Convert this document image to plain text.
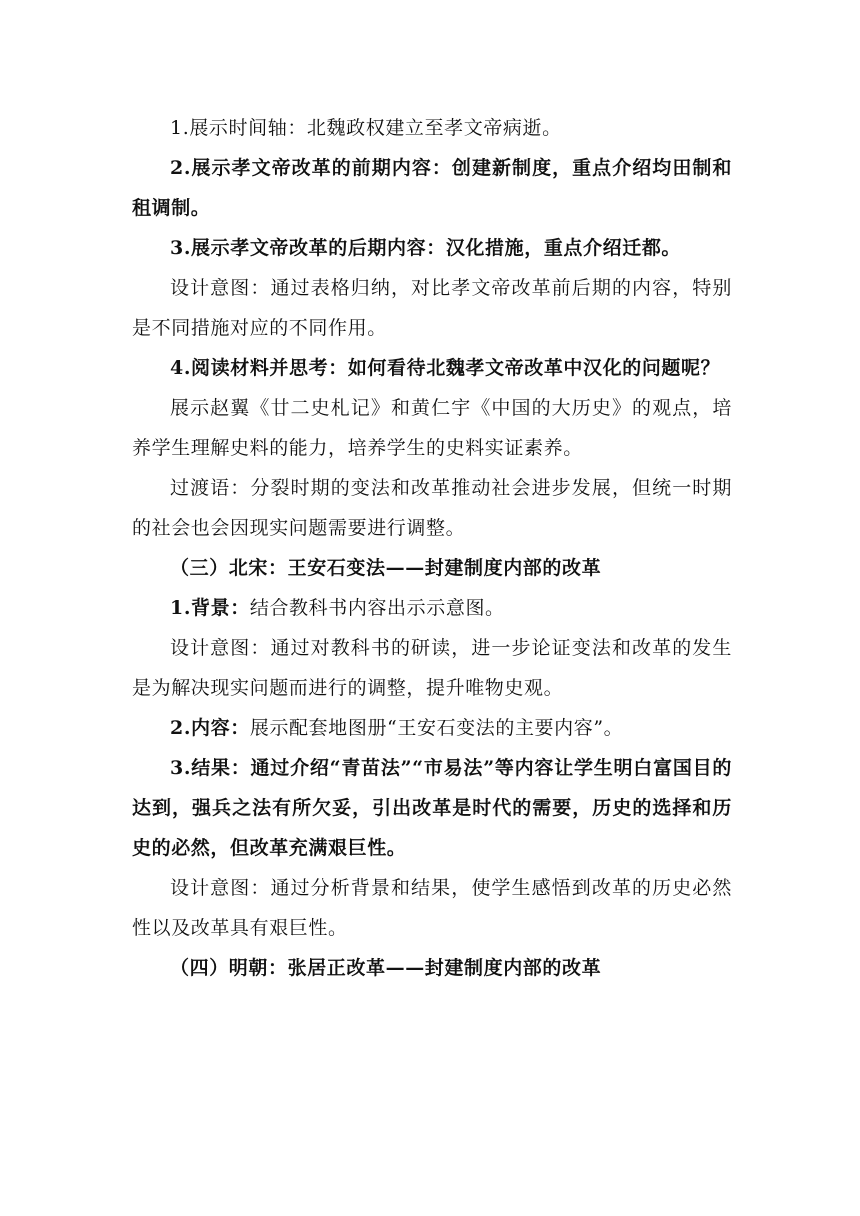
1.展示时间轴：北魏政权建立至孝文帝病逝。

2.展示孝文帝改革的前期内容：创建新制度，重点介绍均田制和租调制。

3.展示孝文帝改革的后期内容：汉化措施，重点介绍迁都。

设计意图：通过表格归纳，对比孝文帝改革前后期的内容，特别是不同措施对应的不同作用。

4.阅读材料并思考：如何看待北魏孝文帝改革中汉化的问题呢？

展示赵翼《廿二史札记》和黄仁宇《中国的大历史》的观点，培养学生理解史料的能力，培养学生的史料实证素养。

过渡语：分裂时期的变法和改革推动社会进步发展，但统一时期的社会也会因现实问题需要进行调整。

（三）北宋：王安石变法——封建制度内部的改革

1.背景：结合教科书内容出示示意图。

设计意图：通过对教科书的研读，进一步论证变法和改革的发生是为解决现实问题而进行的调整，提升唯物史观。

2.内容：展示配套地图册“王安石变法的主要内容”。

3.结果：通过介绍“青苗法”“市易法”等内容让学生明白富国目的达到，强兵之法有所欠妥，引出改革是时代的需要，历史的选择和历史的必然，但改革充满艰巨性。

设计意图：通过分析背景和结果，使学生感悟到改革的历史必然性以及改革具有艰巨性。

（四）明朝：张居正改革——封建制度内部的改革
